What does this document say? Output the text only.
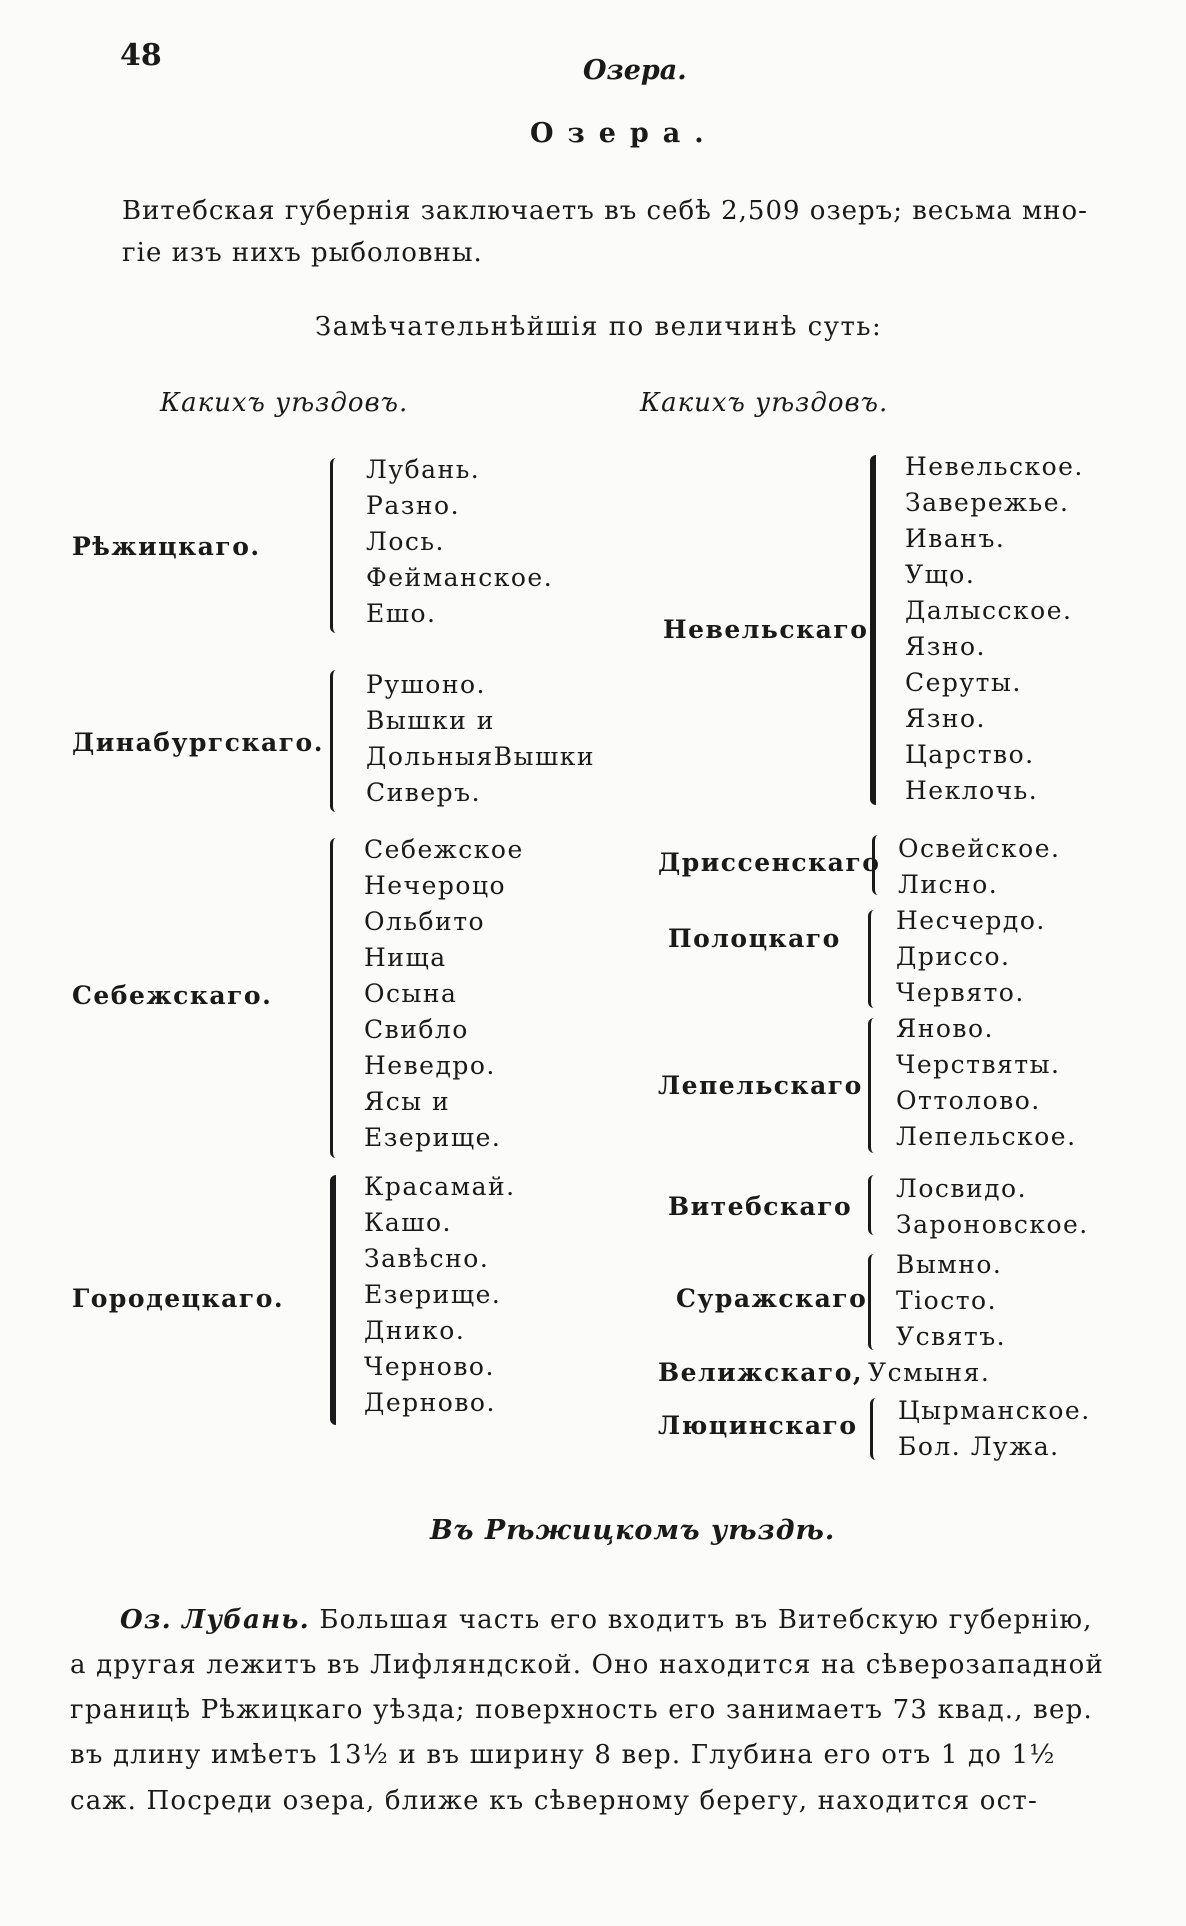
48	Озера.
Озера.
Витебская губернія заключаетъ въ себѣ 2,509 озеръ; весьма мно-
гіе изъ нихъ рыболовны.
Замѣчательнѣйшія по величинѣ суть:
Какихъ уѣздовъ.	Какихъ уѣздовъ.
Рѣжицкаго.
Лубань.
Разно.
Лось.
Фейманское.
Ешо.
Динабургскаго.
Рушоно.
Вышки и
ДольныяВышки
Сиверъ.
Себежскаго.
Себежское
Нечероцо
Ольбито
Нища
Осына
Свибло
Неведро.
Ясы и
Езерище.
Городецкаго.
Красамай.
Кашо.
Завѣсно.
Езерище.
Днико.
Черново.
Дерново.
Невельскаго.
Невельское.
Завережье.
Иванъ.
Ущо.
Далысское.
Язно.
Серуты.
Язно.
Царство.
Неклочь.
Дриссенскаго Освейское.
Лисно.
Полоцкаго
Несчердо.
Дриссо.
Червято.
Лепельскаго
Яново.
Черствяты.
Оттолово.
Лепельское.
Витебскаго
Лосвидо.
Зароновское.
Суражскаго
Вымно.
Тіосто.
Усвятъ.
Велижскаго, Усмыня.
Люцинскаго
Цырманское.
Бол. Лужа.
Въ Рѣжицкомъ уѣздѣ.
Оз. Лубань. Большая часть его входитъ въ Витебскую губернію,
а другая лежитъ въ Лифляндской. Оно находится на сѣверозападной
границѣ Рѣжицкаго уѣзда; поверхность его занимаетъ 73 квад., вер.
въ длину имѣетъ 13½ и въ ширину 8 вер. Глубина его отъ 1 до 1½
саж. Посреди озера, ближе къ сѣверному берегу, находится ост-
